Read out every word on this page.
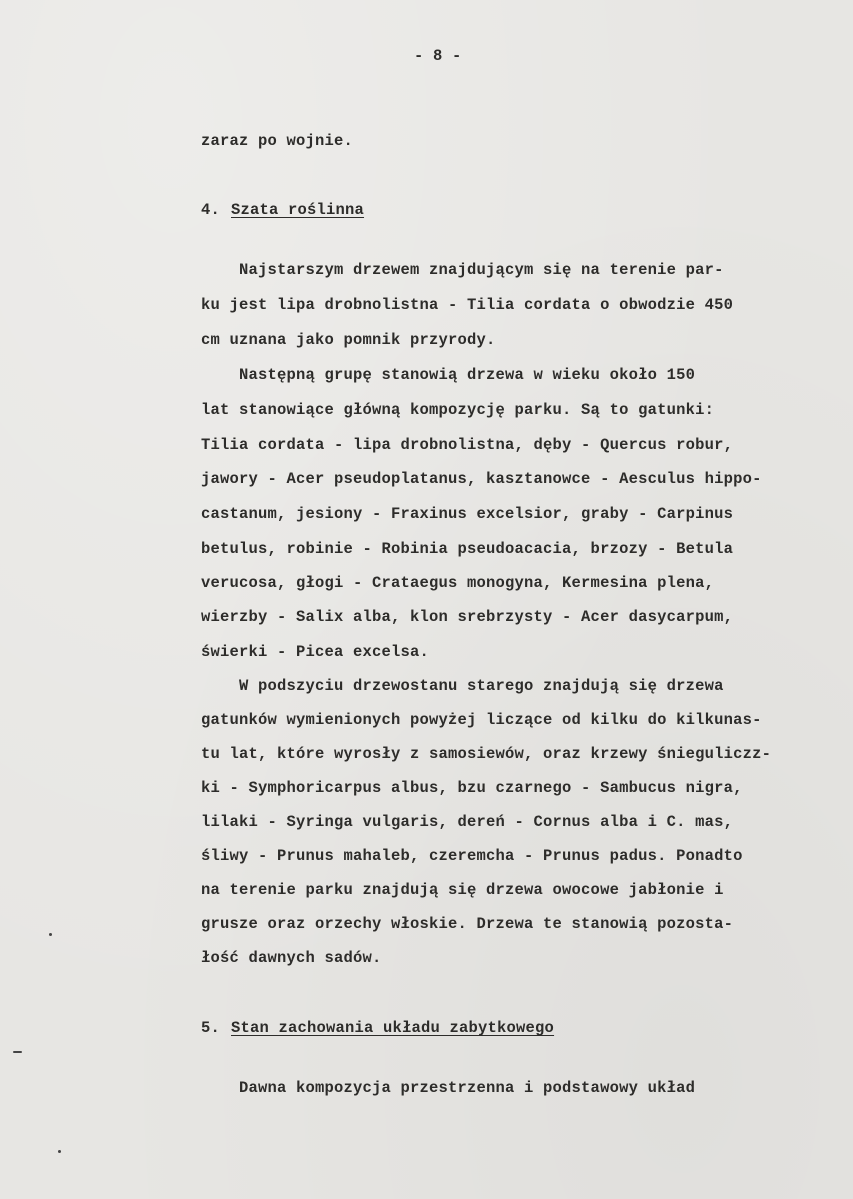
- 8 -
zaraz po wojnie.
4. Szata roślinna
Najstarszym drzewem znajdującym się na terenie par-
ku jest lipa drobnolistna - Tilia cordata o obwodzie 450
cm uznana jako pomnik przyrody.
Następną grupę stanowią drzewa w wieku około 150
lat stanowiące główną kompozycję parku. Są to gatunki:
Tilia cordata - lipa drobnolistna, dęby - Quercus robur,
jawory - Acer pseudoplatanus, kasztanowce - Aesculus hippo-
castanum, jesiony - Fraxinus excelsior, graby - Carpinus
betulus, robinie - Robinia pseudoacacia, brzozy - Betula
verucosa, głogi - Crataegus monogyna, Kermesina plena,
wierzby - Salix alba, klon srebrzysty - Acer dasycarpum,
świerki - Picea excelsa.
W podszyciu drzewostanu starego znajdują się drzewa
gatunków wymienionych powyżej liczące od kilku do kilkunas-
tu lat, które wyrosły z samosiewów, oraz krzewy śnieguliczz-
ki - Symphoricarpus albus, bzu czarnego - Sambucus nigra,
lilaki - Syringa vulgaris, dereń - Cornus alba i C. mas,
śliwy - Prunus mahaleb, czeremcha - Prunus padus. Ponadto
na terenie parku znajdują się drzewa owocowe jabłonie i
grusze oraz orzechy włoskie. Drzewa te stanowią pozosta-
łość dawnych sadów.
5. Stan zachowania układu zabytkowego
Dawna kompozycja przestrzenna i podstawowy układ
